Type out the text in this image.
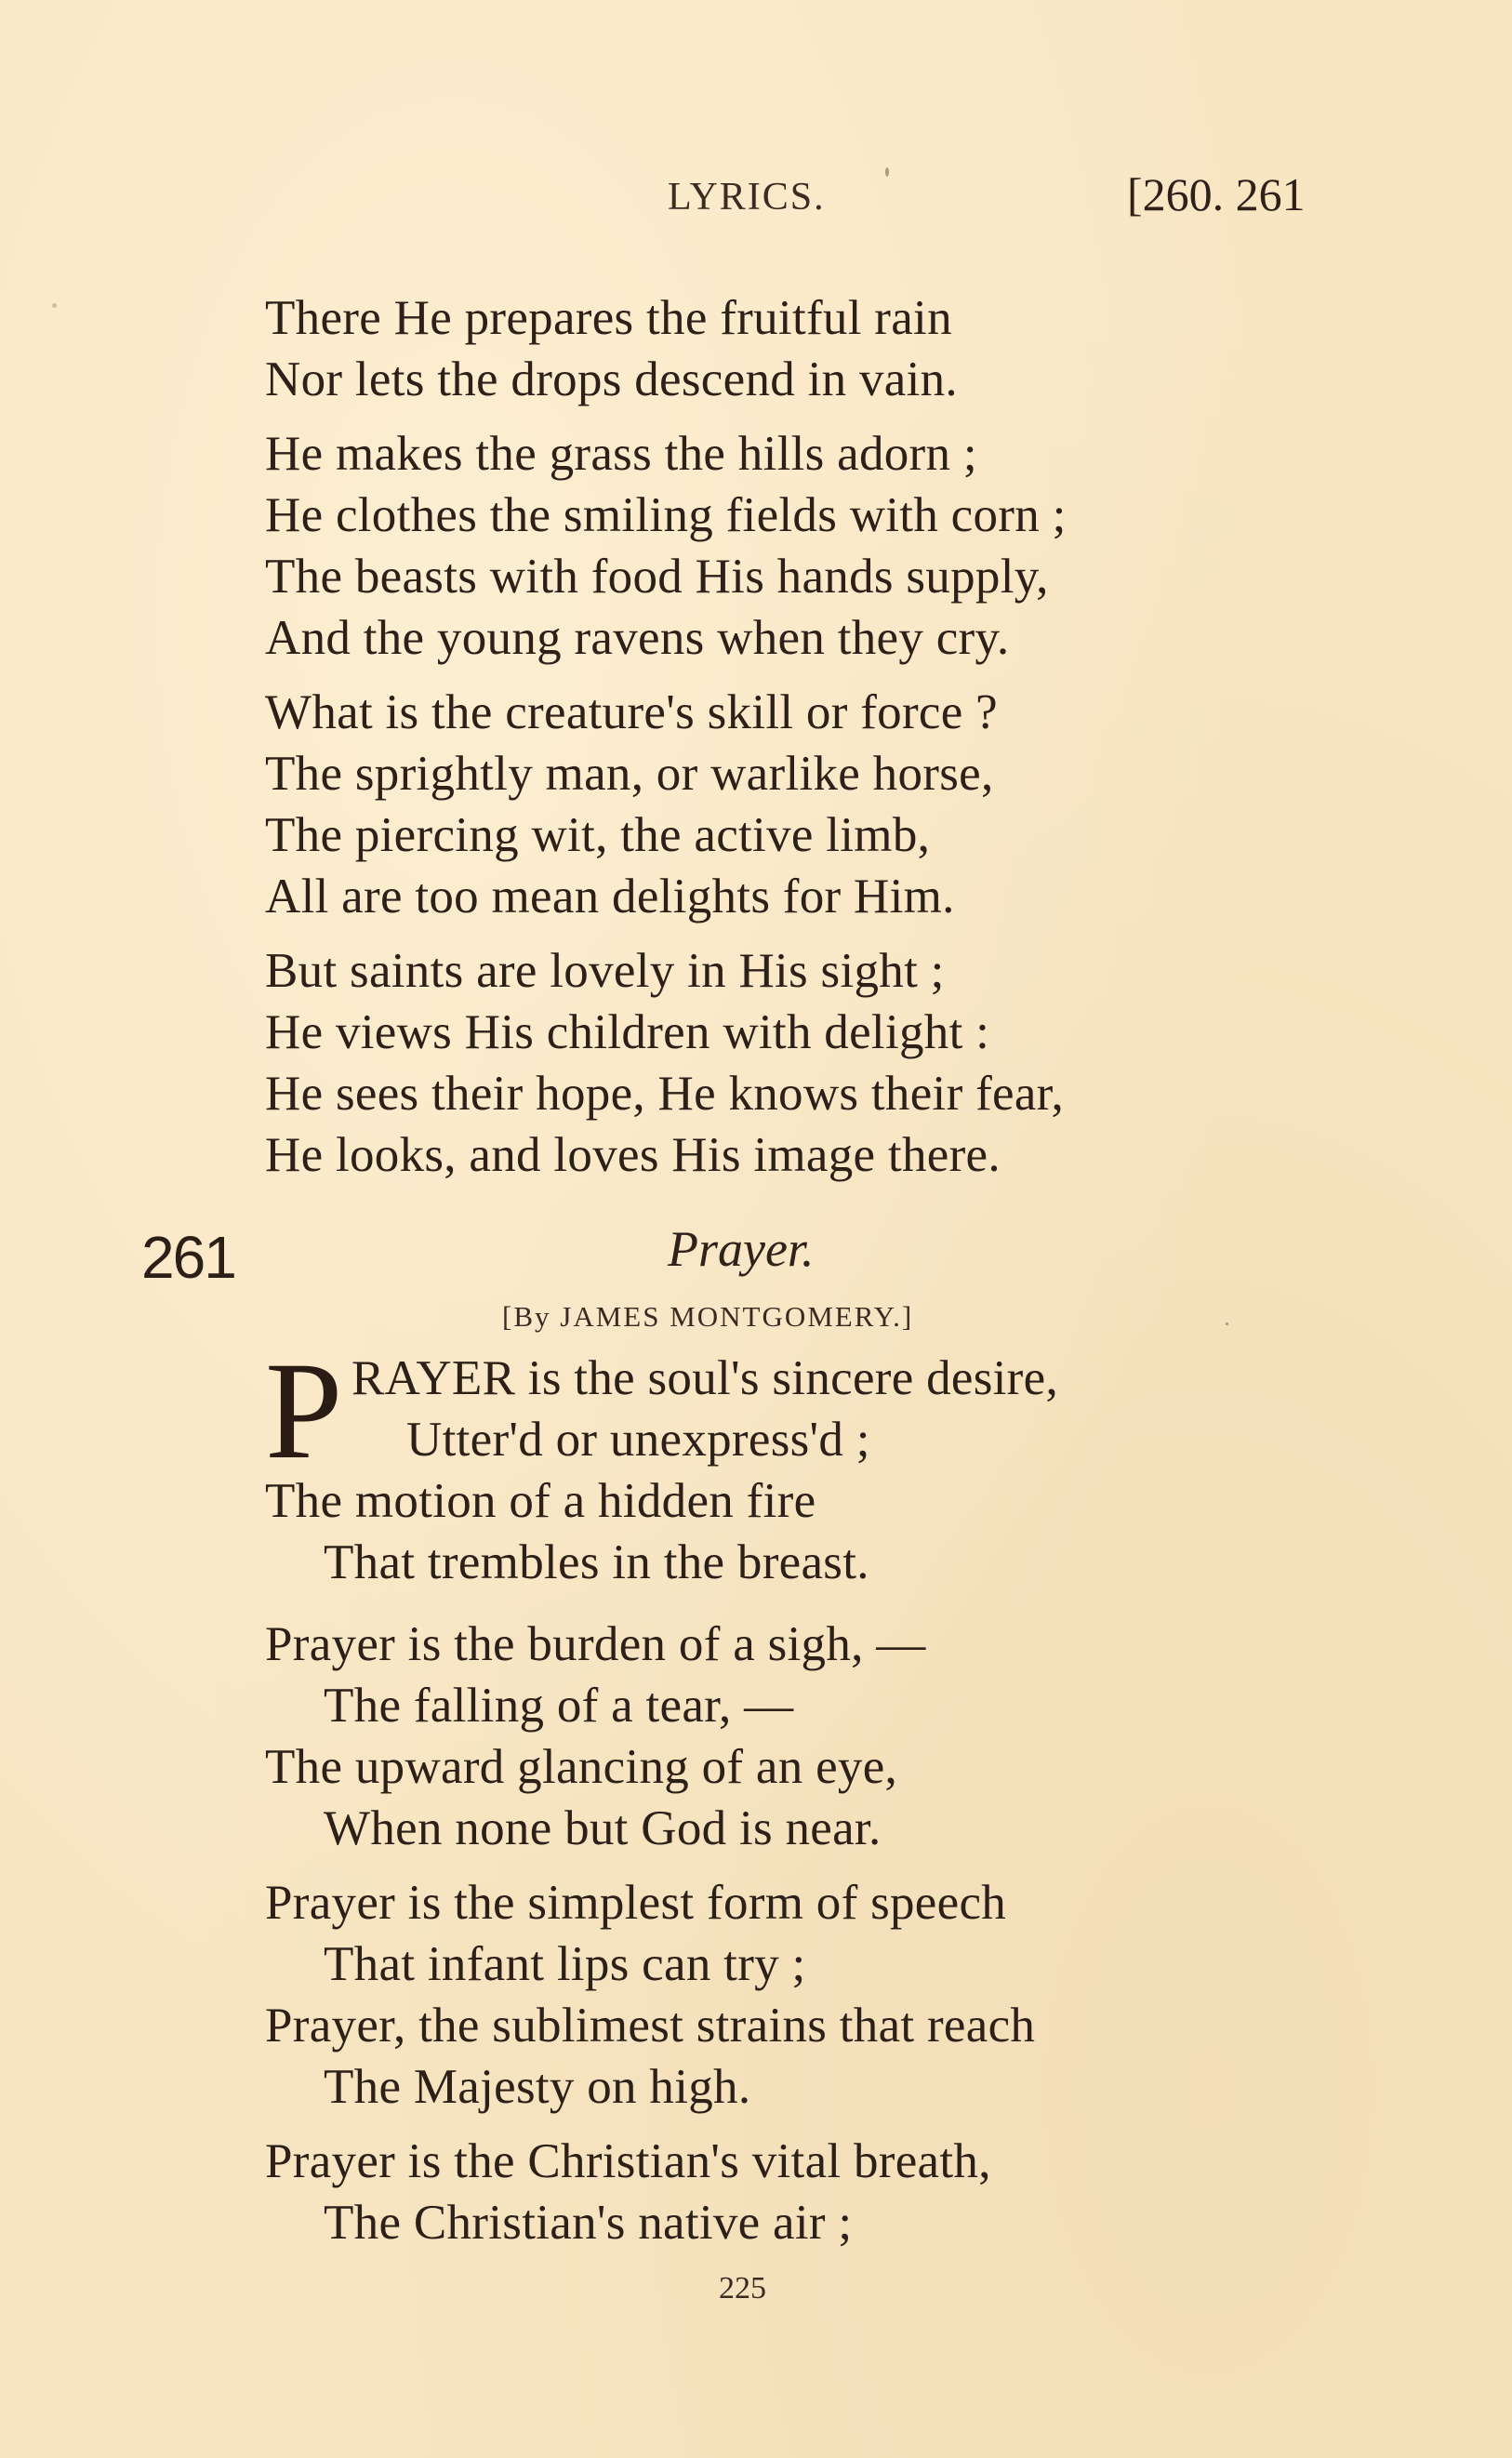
LYRICS.	[260. 261
There He prepares the fruitful rain
Nor lets the drops descend in vain.
He makes the grass the hills adorn ;
He clothes the smiling fields with corn ;
The beasts with food His hands supply,
And the young ravens when they cry.
What is the creature's skill or force ?
The sprightly man, or warlike horse,
The piercing wit, the active limb,
All are too mean delights for Him.
But saints are lovely in His sight ;
He views His children with delight :
He sees their hope, He knows their fear,
He looks, and loves His image there.
261	Prayer.
[By JAMES MONTGOMERY.]
P RAYER is the soul's sincere desire,
Utter'd or unexpress'd ;
The motion of a hidden fire
That trembles in the breast.
Prayer is the burden of a sigh, —
The falling of a tear, —
The upward glancing of an eye,
When none but God is near.
Prayer is the simplest form of speech
That infant lips can try ;
Prayer, the sublimest strains that reach
The Majesty on high.
Prayer is the Christian's vital breath,
The Christian's native air ;
225
